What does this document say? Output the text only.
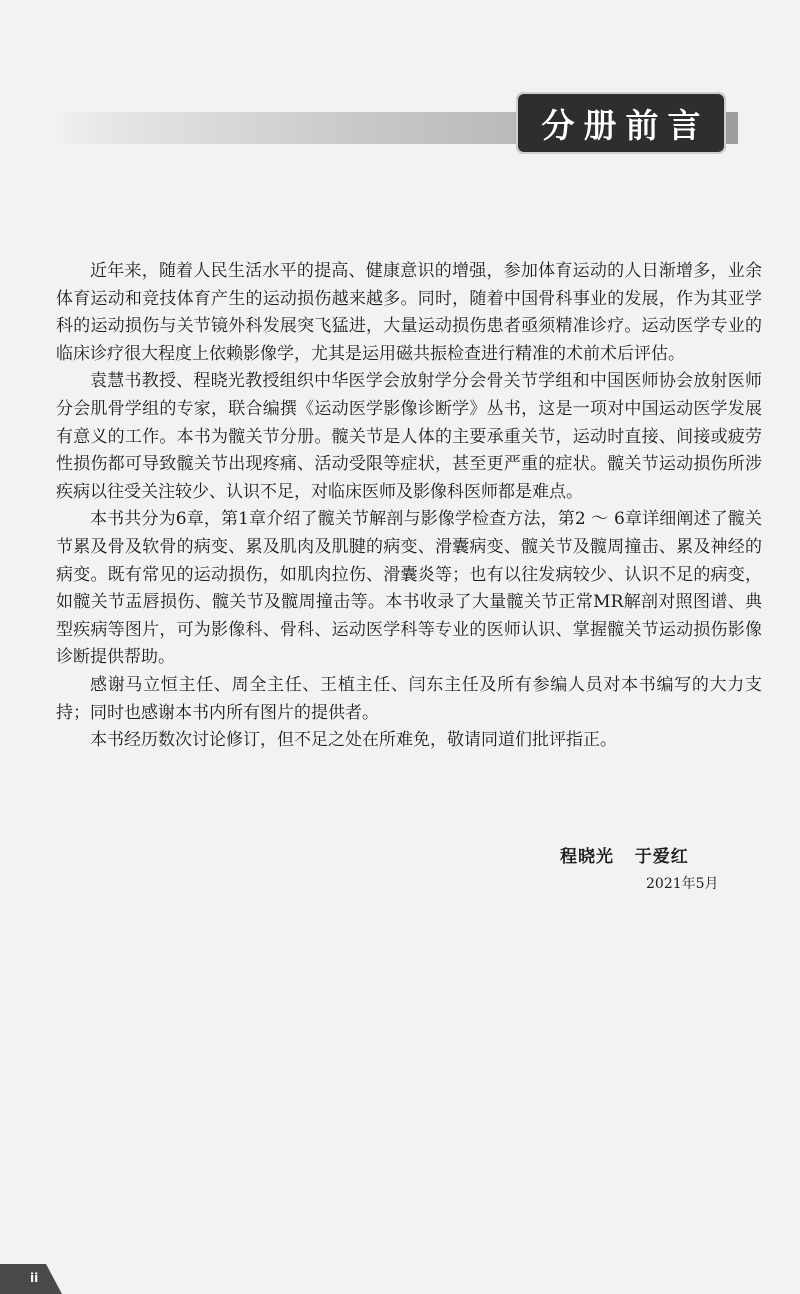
分册前言

近年来，随着人民生活水平的提高、健康意识的增强，参加体育运动的人日渐增多，业余体育运动和竞技体育产生的运动损伤越来越多。同时，随着中国骨科事业的发展，作为其亚学科的运动损伤与关节镜外科发展突飞猛进，大量运动损伤患者亟须精准诊疗。运动医学专业的临床诊疗很大程度上依赖影像学，尤其是运用磁共振检查进行精准的术前术后评估。

袁慧书教授、程晓光教授组织中华医学会放射学分会骨关节学组和中国医师协会放射医师分会肌骨学组的专家，联合编撰《运动医学影像诊断学》丛书，这是一项对中国运动医学发展有意义的工作。本书为髋关节分册。髋关节是人体的主要承重关节，运动时直接、间接或疲劳性损伤都可导致髋关节出现疼痛、活动受限等症状，甚至更严重的症状。髋关节运动损伤所涉疾病以往受关注较少、认识不足，对临床医师及影像科医师都是难点。

本书共分为6章，第1章介绍了髋关节解剖与影像学检查方法，第2 ～ 6章详细阐述了髋关节累及骨及软骨的病变、累及肌肉及肌腱的病变、滑囊病变、髋关节及髋周撞击、累及神经的病变。既有常见的运动损伤，如肌肉拉伤、滑囊炎等；也有以往发病较少、认识不足的病变，如髋关节盂唇损伤、髋关节及髋周撞击等。本书收录了大量髋关节正常MR解剖对照图谱、典型疾病等图片，可为影像科、骨科、运动医学科等专业的医师认识、掌握髋关节运动损伤影像诊断提供帮助。

感谢马立恒主任、周全主任、王植主任、闫东主任及所有参编人员对本书编写的大力支持；同时也感谢本书内所有图片的提供者。

本书经历数次讨论修订，但不足之处在所难免，敬请同道们批评指正。

程晓光   于爱红
2021年5月
ii
